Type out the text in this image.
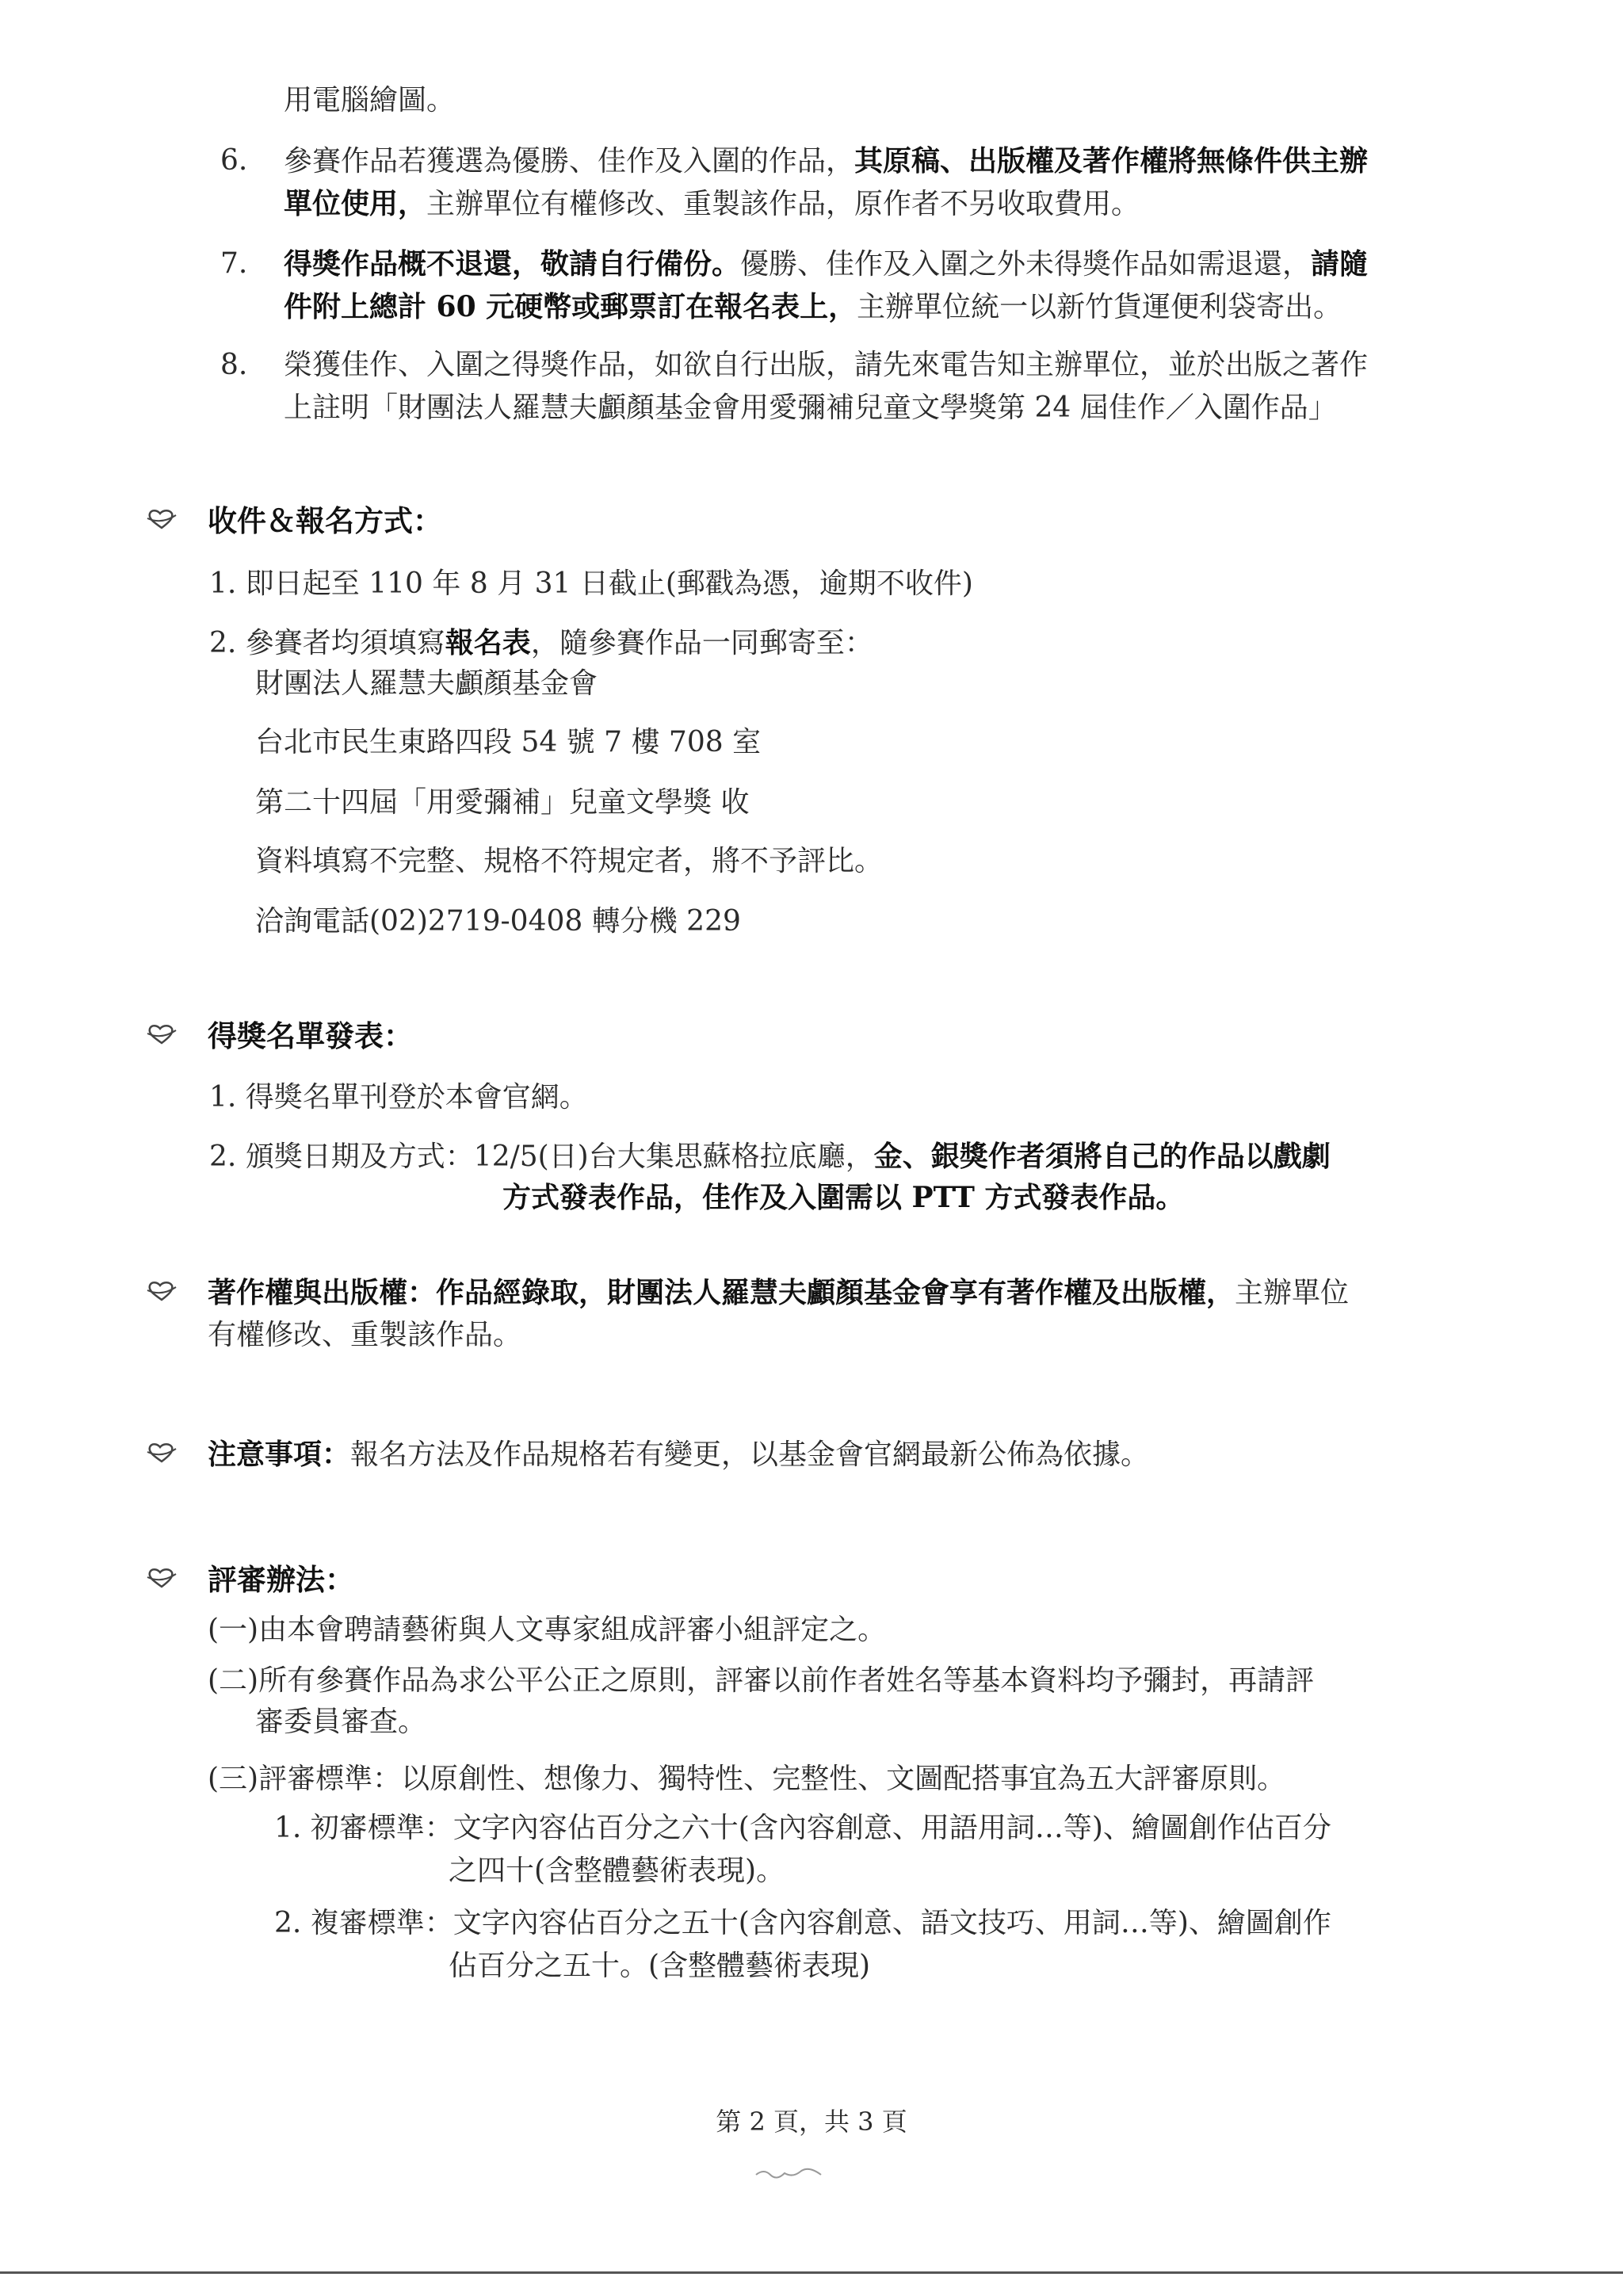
用電腦繪圖。
6. 參賽作品若獲選為優勝、佳作及入圍的作品，其原稿、出版權及著作權將無條件供主辦
單位使用，主辦單位有權修改、重製該作品，原作者不另收取費用。
7. 得獎作品概不退還，敬請自行備份。優勝、佳作及入圍之外未得獎作品如需退還，請隨
件附上總計 60 元硬幣或郵票訂在報名表上，主辦單位統一以新竹貨運便利袋寄出。
8. 榮獲佳作、入圍之得獎作品，如欲自行出版，請先來電告知主辦單位，並於出版之著作
上註明「財團法人羅慧夫顱顏基金會用愛彌補兒童文學獎第 24 屆佳作／入圍作品」
收件＆報名方式：
1. 即日起至 110 年 8 月 31 日截止(郵戳為憑，逾期不收件)
2. 參賽者均須填寫報名表，隨參賽作品一同郵寄至：
財團法人羅慧夫顱顏基金會
台北市民生東路四段 54 號 7 樓 708 室
第二十四屆「用愛彌補」兒童文學獎 收
資料填寫不完整、規格不符規定者，將不予評比。
洽詢電話(02)2719-0408 轉分機 229
得獎名單發表：
1. 得獎名單刊登於本會官網。
2. 頒獎日期及方式：12/5(日)台大集思蘇格拉底廳，金、銀獎作者須將自己的作品以戲劇
方式發表作品，佳作及入圍需以 PTT 方式發表作品。
著作權與出版權：作品經錄取，財團法人羅慧夫顱顏基金會享有著作權及出版權，主辦單位
有權修改、重製該作品。
注意事項：報名方法及作品規格若有變更，以基金會官網最新公佈為依據。
評審辦法：
(一)由本會聘請藝術與人文專家組成評審小組評定之。
(二)所有參賽作品為求公平公正之原則，評審以前作者姓名等基本資料均予彌封，再請評
審委員審查。
(三)評審標準：以原創性、想像力、獨特性、完整性、文圖配搭事宜為五大評審原則。
1. 初審標準：文字內容佔百分之六十(含內容創意、用語用詞…等)、繪圖創作佔百分
之四十(含整體藝術表現)。
2. 複審標準：文字內容佔百分之五十(含內容創意、語文技巧、用詞…等)、繪圖創作
佔百分之五十。(含整體藝術表現)
第 2 頁，共 3 頁
